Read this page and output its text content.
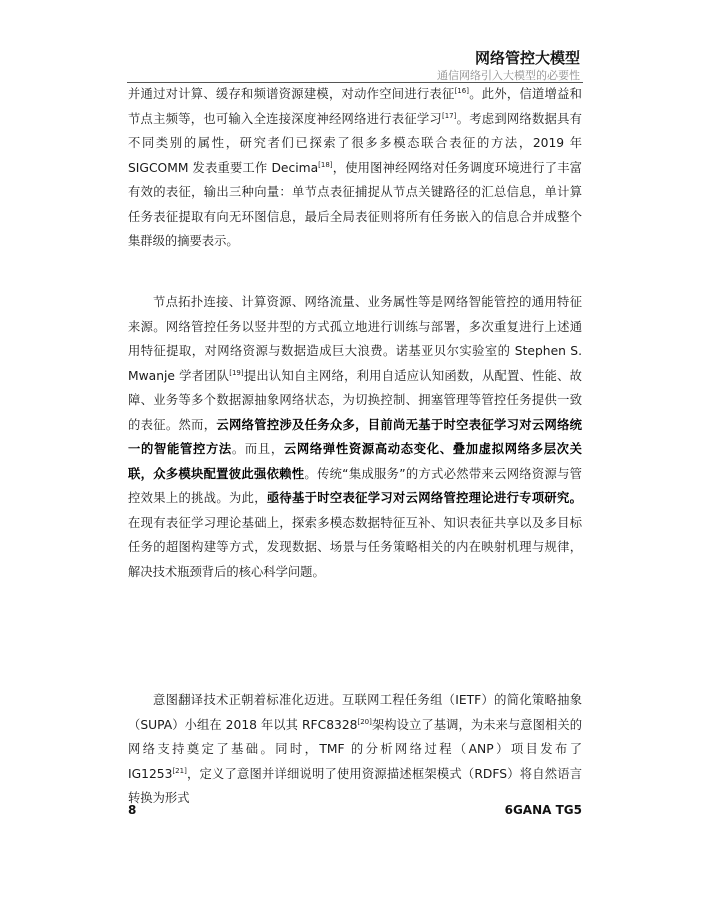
网络管控大模型
通信网络引入大模型的必要性

并通过对计算、缓存和频谱资源建模，对动作空间进行表征[16]。此外，信道增益和节点主频等，也可输入全连接深度神经网络进行表征学习[17]。考虑到网络数据具有不同类别的属性，研究者们已探索了很多多模态联合表征的方法，2019 年 SIGCOMM 发表重要工作 Decima[18]，使用图神经网络对任务调度环境进行了丰富有效的表征，输出三种向量：单节点表征捕捉从节点关键路径的汇总信息，单计算任务表征提取有向无环图信息，最后全局表征则将所有任务嵌入的信息合并成整个集群级的摘要表示。

节点拓扑连接、计算资源、网络流量、业务属性等是网络智能管控的通用特征来源。网络管控任务以竖井型的方式孤立地进行训练与部署，多次重复进行上述通用特征提取，对网络资源与数据造成巨大浪费。诺基亚贝尔实验室的 Stephen S. Mwanje 学者团队[19]提出认知自主网络，利用自适应认知函数，从配置、性能、故障、业务等多个数据源抽象网络状态，为切换控制、拥塞管理等管控任务提供一致的表征。然而，云网络管控涉及任务众多，目前尚无基于时空表征学习对云网络统一的智能管控方法。而且，云网络弹性资源高动态变化、叠加虚拟网络多层次关联，众多模块配置彼此强依赖性。传统“集成服务”的方式必然带来云网络资源与管控效果上的挑战。为此，亟待基于时空表征学习对云网络管控理论进行专项研究。在现有表征学习理论基础上，探索多模态数据特征互补、知识表征共享以及多目标任务的超图构建等方式，发现数据、场景与任务策略相关的内在映射机理与规律，解决技术瓶颈背后的核心科学问题。

意图翻译技术正朝着标准化迈进。互联网工程任务组（IETF）的简化策略抽象（SUPA）小组在 2018 年以其 RFC8328[20]架构设立了基调，为未来与意图相关的网络支持奠定了基础。同时，TMF 的分析网络过程（ANP）项目发布了 IG1253[21]，定义了意图并详细说明了使用资源描述框架模式（RDFS）将自然语言转换为形式

8	6GANA TG5
